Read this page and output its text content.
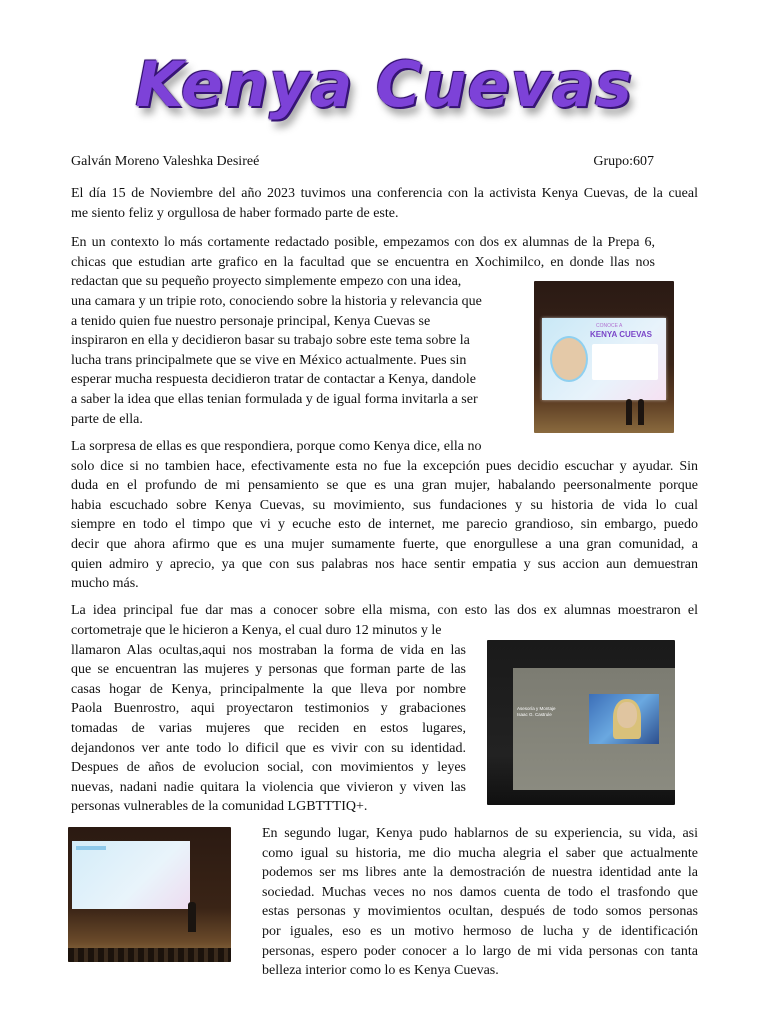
Kenya Cuevas
Galván Moreno Valeshka Desireé	Grupo:607
El día 15 de Noviembre del año 2023 tuvimos una conferencia con la activista Kenya Cuevas, de la cueal
me siento feliz y orgullosa de haber formado parte de este.
En un contexto lo más cortamente redactado posible, empezamos con dos ex alumnas de la Prepa 6,
chicas que estudian arte grafico en la facultad que se encuentra en Xochimilco, en donde llas nos
redactan que su pequeño proyecto simplemente empezo con una idea,
una camara y un tripie roto, conociendo sobre la historia y relevancia que
a tenido quien fue nuestro personaje principal, Kenya Cuevas se
inspiraron en ella y decidieron basar su trabajo sobre este tema sobre la
lucha trans principalmete que se vive en México actualmente. Pues sin
esperar mucha respuesta decidieron tratar de contactar a Kenya, dandole
a saber la idea que ellas tenian formulada y de igual forma invitarla a ser
parte de ella.
CONOCE A
KENYA CUEVAS
La sorpresa de ellas es que respondiera, porque como Kenya dice, ella no
solo dice si no tambien hace, efectivamente esta no fue la excepción pues decidio escuchar y ayudar. Sin
duda en el profundo de mi pensamiento se que es una gran mujer, habalando peersonalmente porque
habia escuchado sobre Kenya Cuevas, su movimiento, sus fundaciones y su historia de vida lo cual
siempre en todo el timpo que vi y ecuche esto de internet, me parecio grandioso, sin embargo, puedo
decir que ahora afirmo que es una mujer sumamente fuerte, que enorgullese a una gran comunidad, a
quien admiro y aprecio, ya que con sus palabras nos hace sentir empatia y sus accion aun demuestran
mucho más.
La idea principal fue dar mas a conocer sobre ella misma, con esto las dos ex alumnas moestraron el
cortometraje que le hicieron a Kenya, el cual duro 12 minutos y le
llamaron Alas ocultas,aqui nos mostraban la forma de vida en las
que se encuentran las mujeres y personas que forman parte de las
casas hogar de Kenya, principalmente la que lleva por nombre
Paola Buenrostro, aqui proyectaron testimonios y grabaciones
tomadas de varias mujeres que reciden en estos lugares,
dejandonos ver ante todo lo dificil que es vivir con su identidad.
Despues de años de evolucion social, con movimientos y leyes
nuevas, nadani nadie quitara la violencia que vivieron y viven las
personas vulnerables de la comunidad LGBTTTIQ+.
Asesoría y Montaje
Isaac G. Castrule
En segundo lugar, Kenya pudo hablarnos de su experiencia, su vida, asi
como igual su historia, me dio mucha alegria el saber que actualmente
podemos ser ms libres ante la demostración de nuestra identidad ante la
sociedad. Muchas veces no nos damos cuenta de todo el trasfondo que
estas personas y movimientos ocultan, después de todo somos personas
por iguales, eso es un motivo hermoso de lucha y de identificación
personas, espero poder conocer a lo largo de mi vida personas con tanta
belleza interior como lo es Kenya Cuevas.
